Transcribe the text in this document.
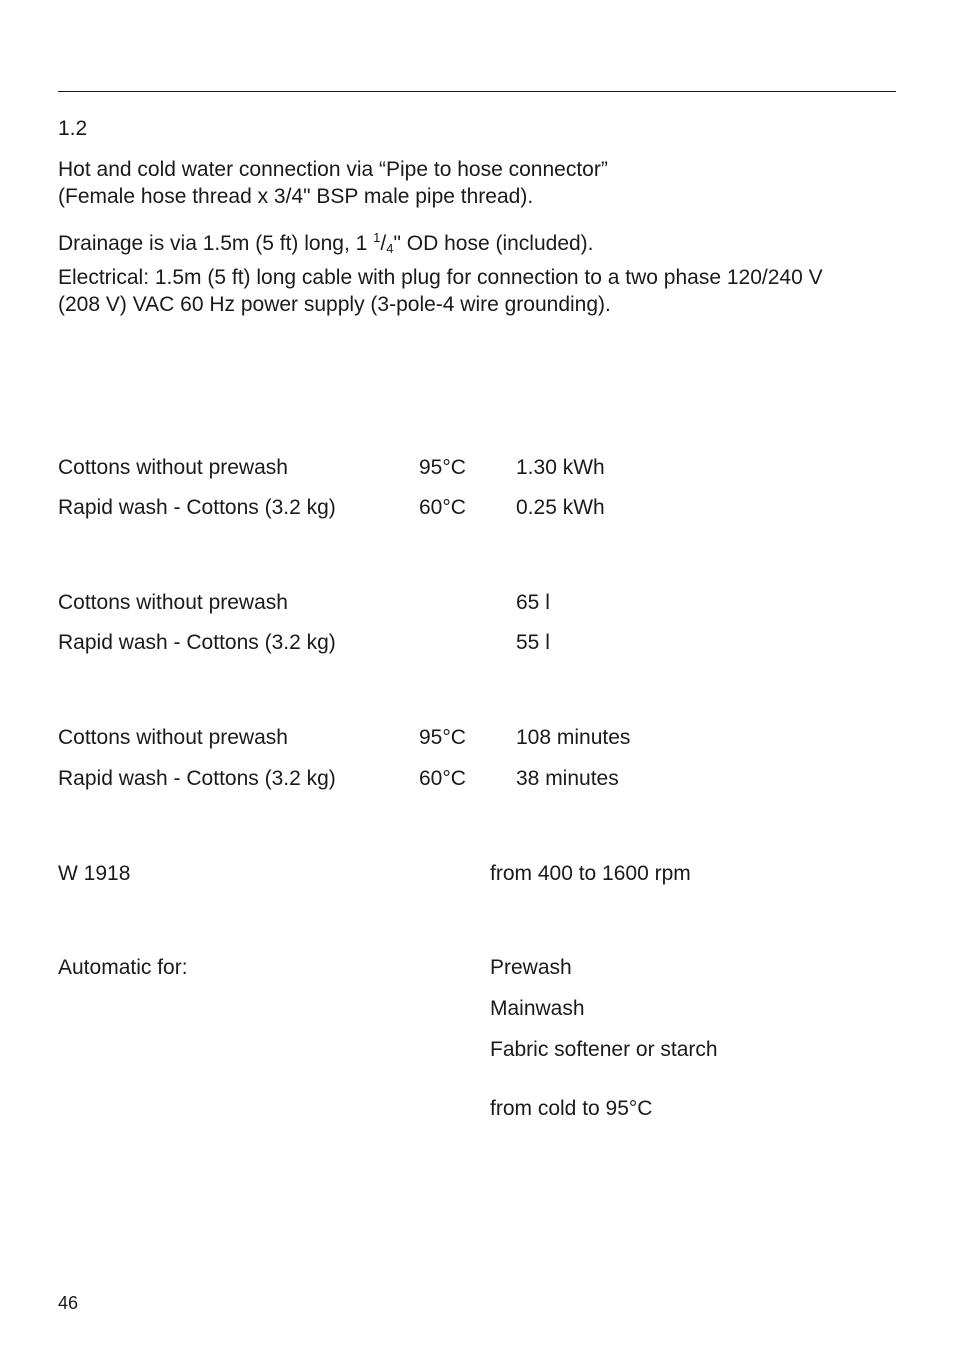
1.2
Hot and cold water connection via “Pipe to hose connector”
(Female hose thread x 3/4" BSP male pipe thread).
Drainage is via 1.5m (5 ft) long, 1 $^1/_4$" OD hose (included).
Electrical: 1.5m (5 ft) long cable with plug for connection to a two phase 120/240 V
(208 V) VAC 60 Hz power supply (3-pole-4 wire grounding).
Cottons without prewash	95°C 1.30 kWh
Rapid wash - Cottons (3.2 kg)	60°C 0.25 kWh
Cottons without prewash	65 l
Rapid wash - Cottons (3.2 kg)	55 l
Cottons without prewash	95°C 108 minutes
Rapid wash - Cottons (3.2 kg)	60°C 38 minutes
W 1918	from 400 to 1600 rpm
Automatic for:	Prewash
Mainwash
Fabric softener or starch
from cold to 95°C
46
